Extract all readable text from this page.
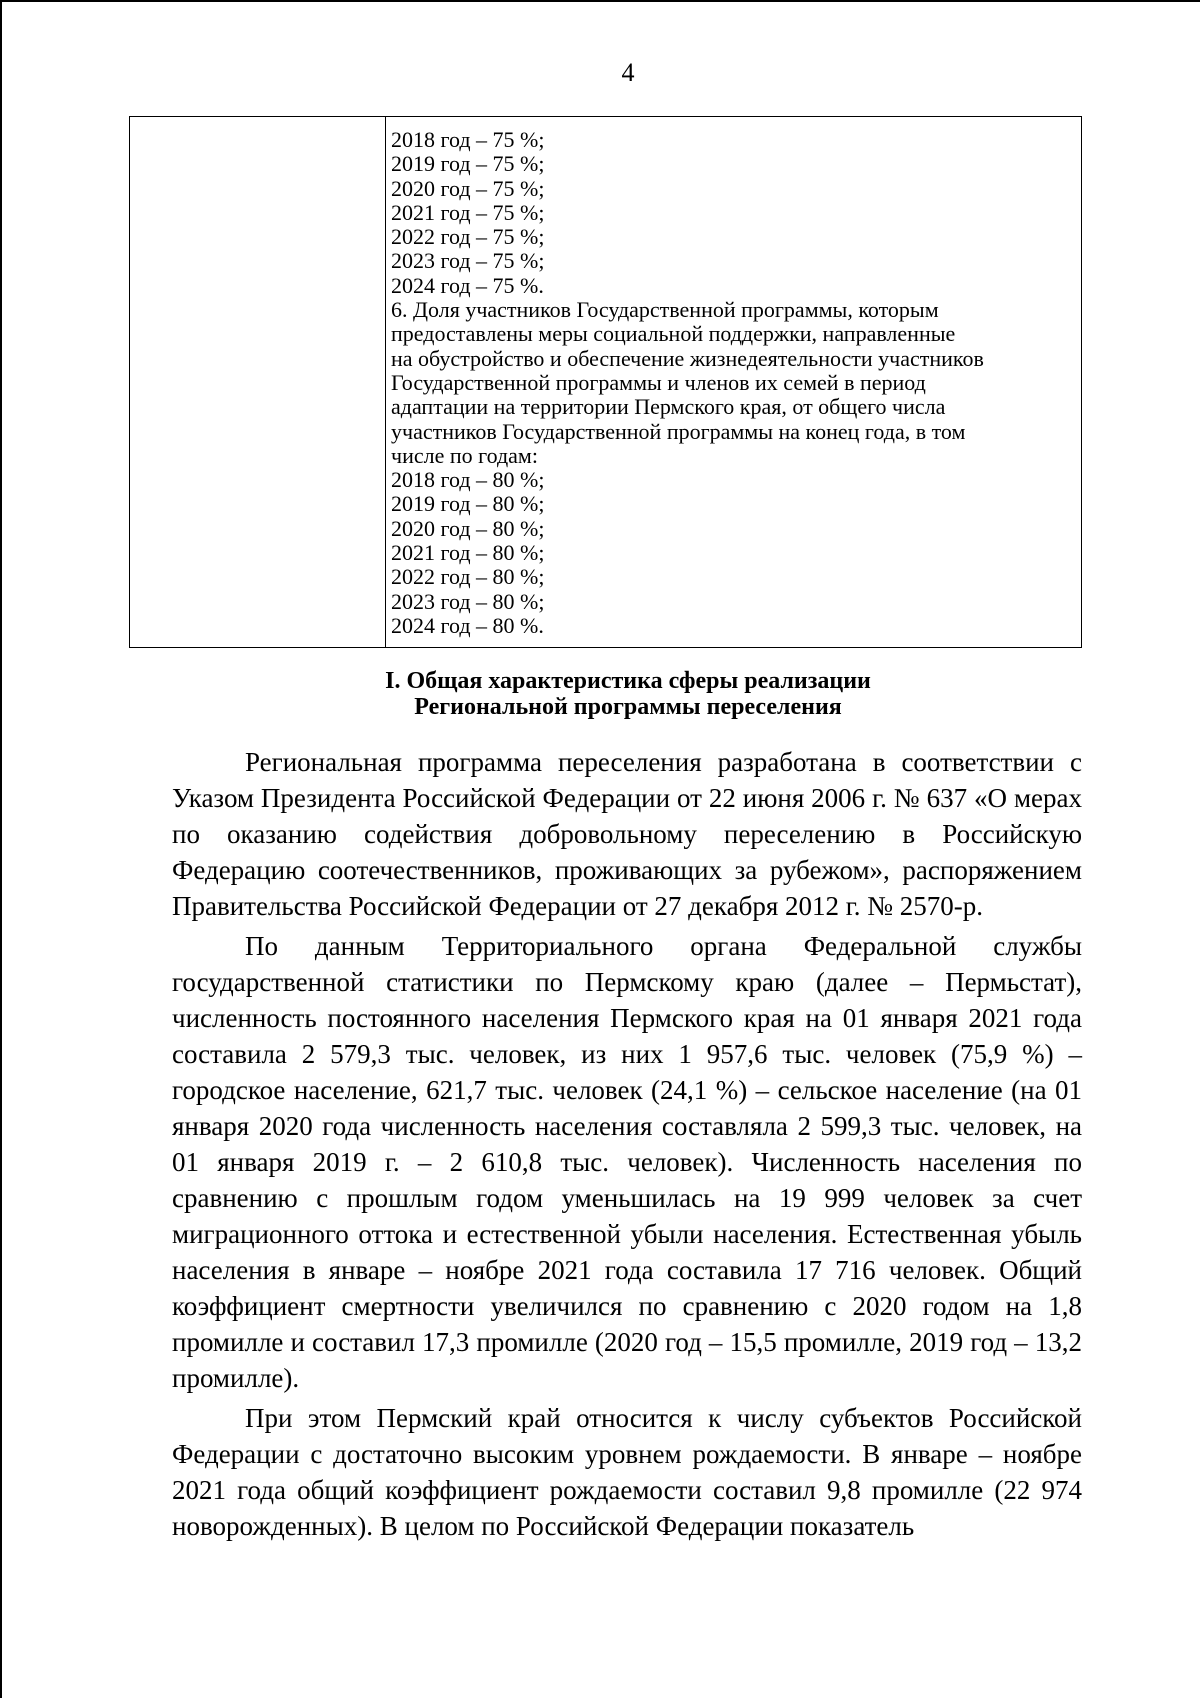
4
2018 год – 75 %;
2019 год – 75 %;
2020 год – 75 %;
2021 год – 75 %;
2022 год – 75 %;
2023 год – 75 %;
2024 год – 75 %.
6. Доля участников Государственной программы, которым
предоставлены меры социальной поддержки, направленные
на обустройство и обеспечение жизнедеятельности участников
Государственной программы и членов их семей в период
адаптации на территории Пермского края, от общего числа
участников Государственной программы на конец года, в том
числе по годам:
2018 год – 80 %;
2019 год – 80 %;
2020 год – 80 %;
2021 год – 80 %;
2022 год – 80 %;
2023 год – 80 %;
2024 год – 80 %.
I. Общая характеристика сферы реализации
Региональной программы переселения

Региональная программа переселения разработана в соответствии с Указом Президента Российской Федерации от 22 июня 2006 г. № 637 «О мерах по оказанию содействия добровольному переселению в Российскую Федерацию соотечественников, проживающих за рубежом», распоряжением Правительства Российской Федерации от 27 декабря 2012 г. № 2570-р.

По данным Территориального органа Федеральной службы государственной статистики по Пермскому краю (далее – Пермьстат), численность постоянного населения Пермского края на 01 января 2021 года составила 2 579,3 тыс. человек, из них 1 957,6 тыс. человек (75,9 %) – городское население, 621,7 тыс. человек (24,1 %) – сельское население (на 01 января 2020 года численность населения составляла 2 599,3 тыс. человек, на 01 января 2019 г. – 2 610,8 тыс. человек). Численность населения по сравнению с прошлым годом уменьшилась на 19 999 человек за счет миграционного оттока и естественной убыли населения. Естественная убыль населения в январе – ноябре 2021 года составила 17 716 человек. Общий коэффициент смертности увеличился по сравнению с 2020 годом на 1,8 промилле и составил 17,3 промилле (2020 год – 15,5 промилле, 2019 год – 13,2 промилле).

При этом Пермский край относится к числу субъектов Российской Федерации с достаточно высоким уровнем рождаемости. В январе – ноябре 2021 года общий коэффициент рождаемости составил 9,8 промилле (22 974 новорожденных). В целом по Российской Федерации показатель
